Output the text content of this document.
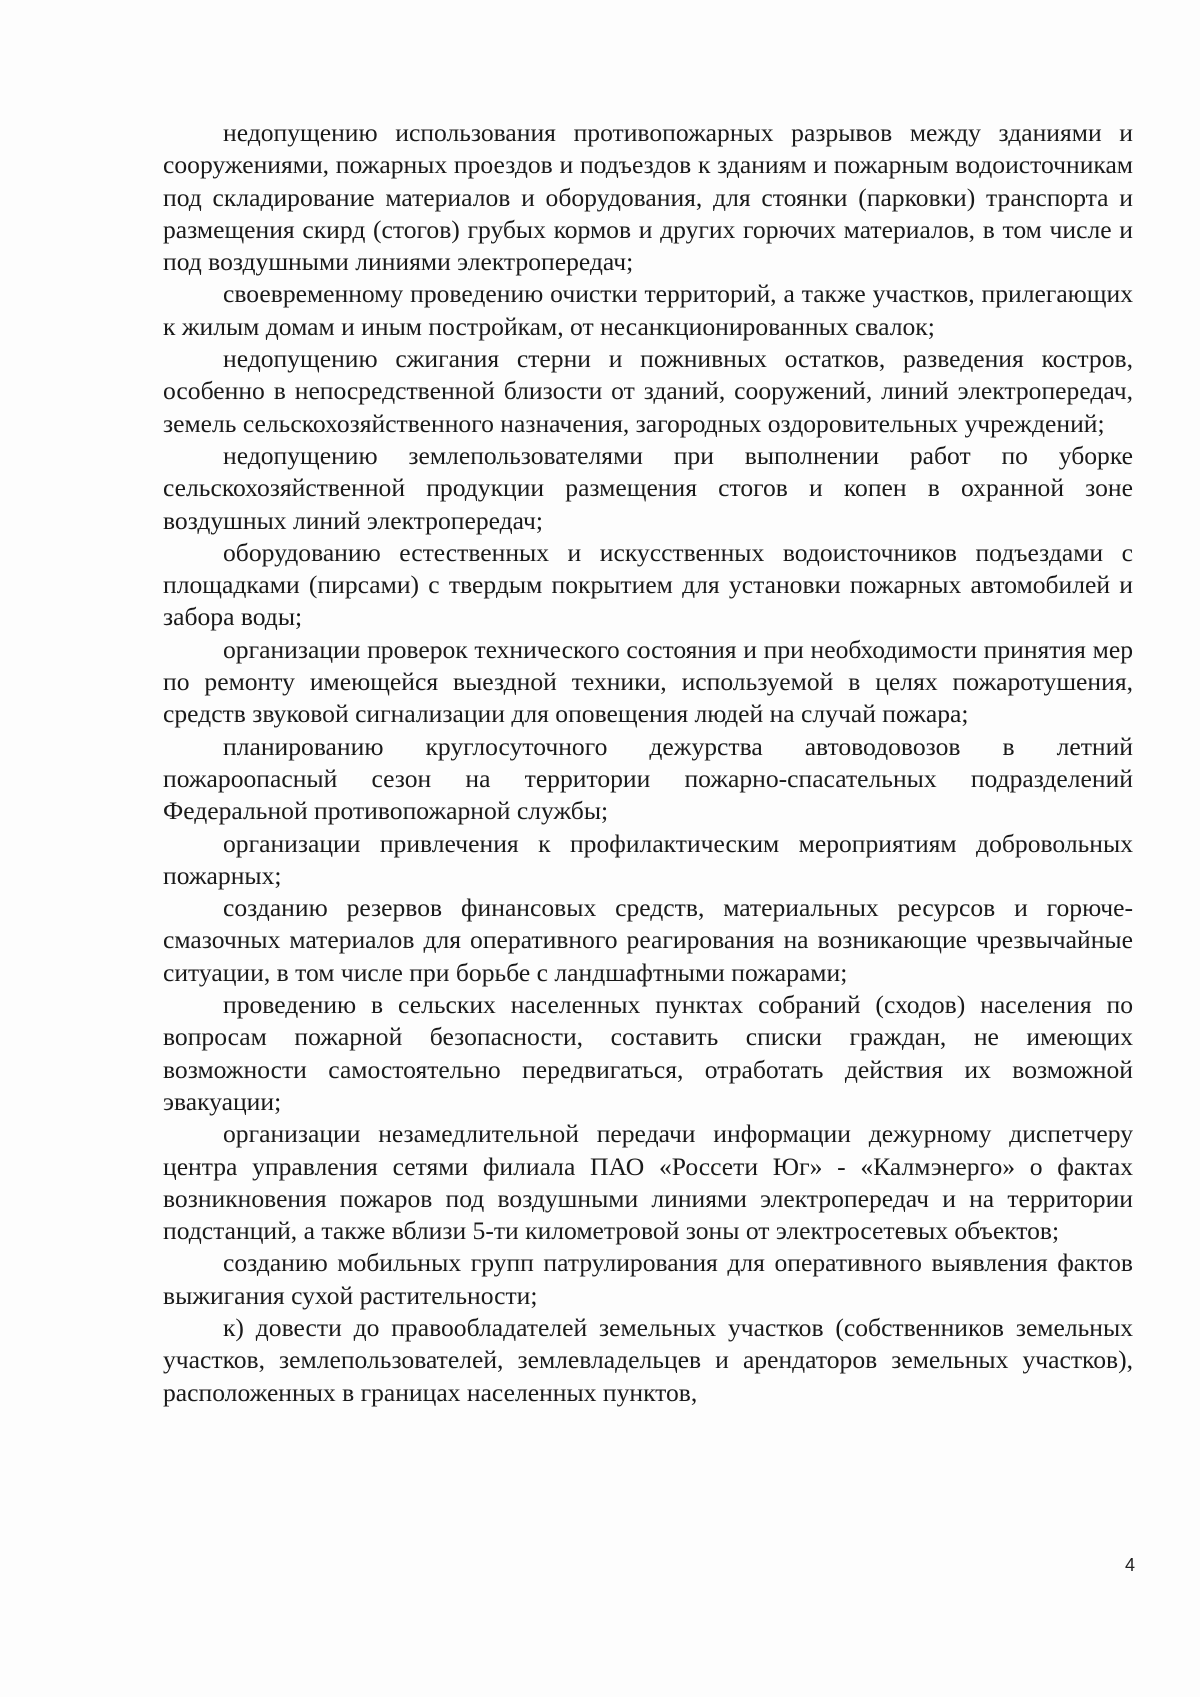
недопущению использования противопожарных разрывов между зданиями и сооружениями, пожарных проездов и подъездов к зданиям и пожарным водоисточникам под складирование материалов и оборудования, для стоянки (парковки) транспорта и размещения скирд (стогов) грубых кормов и других горючих материалов, в том числе и под воздушными линиями электропередач;

своевременному проведению очистки территорий, а также участков, прилегающих к жилым домам и иным постройкам, от несанкционированных свалок;

недопущению сжигания стерни и пожнивных остатков, разведения костров, особенно в непосредственной близости от зданий, сооружений, линий электропередач, земель сельскохозяйственного назначения, загородных оздоровительных учреждений;

недопущению землепользователями при выполнении работ по уборке сельскохозяйственной продукции размещения стогов и копен в охранной зоне воздушных линий электропередач;

оборудованию естественных и искусственных водоисточников подъездами с площадками (пирсами) с твердым покрытием для установки пожарных автомобилей и забора воды;

организации проверок технического состояния и при необходимости принятия мер по ремонту имеющейся выездной техники, используемой в целях пожаротушения, средств звуковой сигнализации для оповещения людей на случай пожара;

планированию круглосуточного дежурства автоводовозов в летний пожароопасный сезон на территории пожарно-спасательных подразделений Федеральной противопожарной службы;

организации привлечения к профилактическим мероприятиям добровольных пожарных;

созданию резервов финансовых средств, материальных ресурсов и горюче-смазочных материалов для оперативного реагирования на возникающие чрезвычайные ситуации, в том числе при борьбе с ландшафтными пожарами;

проведению в сельских населенных пунктах собраний (сходов) населения по вопросам пожарной безопасности, составить списки граждан, не имеющих возможности самостоятельно передвигаться, отработать действия их возможной эвакуации;

организации незамедлительной передачи информации дежурному диспетчеру центра управления сетями филиала ПАО «Россети Юг» - «Калмэнерго» о фактах возникновения пожаров под воздушными линиями электропередач и на территории подстанций, а также вблизи 5-ти километровой зоны от электросетевых объектов;

созданию мобильных групп патрулирования для оперативного выявления фактов выжигания сухой растительности;

к) довести до правообладателей земельных участков (собственников земельных участков, землепользователей, землевладельцев и арендаторов земельных участков), расположенных в границах населенных пунктов,

4
